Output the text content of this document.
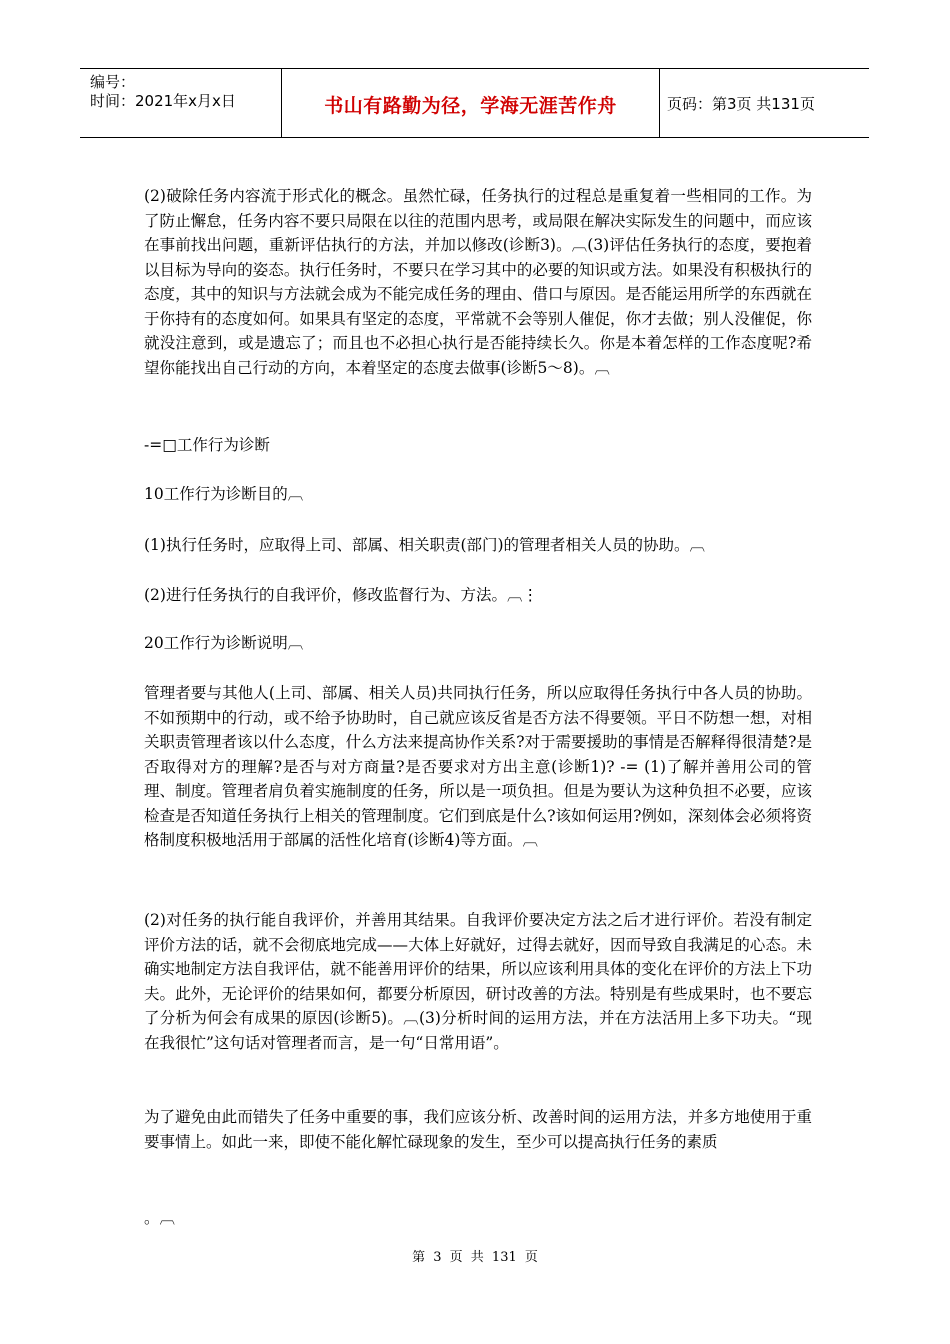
编号：
时间：2021年x月x日	书山有路勤为径，学海无涯苦作舟	页码：第3页 共131页

(2)破除任务内容流于形式化的概念。虽然忙碌，任务执行的过程总是重复着一些相同的工作。为了防止懈怠，任务内容不要只局限在以往的范围内思考，或局限在解决实际发生的问题中，而应该在事前找出问题，重新评估执行的方法，并加以修改(诊断3)。︹(3)评估任务执行的态度，要抱着以目标为导向的姿态。执行任务时，不要只在学习其中的必要的知识或方法。如果没有积极执行的态度，其中的知识与方法就会成为不能完成任务的理由、借口与原因。是否能运用所学的东西就在于你持有的态度如何。如果具有坚定的态度，平常就不会等别人催促，你才去做；别人没催促，你就没注意到，或是遗忘了；而且也不必担心执行是否能持续长久。你是本着怎样的工作态度呢?希望你能找出自己行动的方向，本着坚定的态度去做事(诊断5～8)。︹

-=□工作行为诊断

10工作行为诊断目的︹

(1)执行任务时，应取得上司、部属、相关职责(部门)的管理者相关人员的协助。︹

(2)进行任务执行的自我评价，修改监督行为、方法。︹⋮

20工作行为诊断说明︹

管理者要与其他人(上司、部属、相关人员)共同执行任务，所以应取得任务执行中各人员的协助。不如预期中的行动，或不给予协助时，自己就应该反省是否方法不得要领。平日不防想一想，对相关职责管理者该以什么态度，什么方法来提高协作关系?对于需要援助的事情是否解释得很清楚?是否取得对方的理解?是否与对方商量?是否要求对方出主意(诊断1)? -= (1)了解并善用公司的管理、制度。管理者肩负着实施制度的任务，所以是一项负担。但是为要认为这种负担不必要，应该检查是否知道任务执行上相关的管理制度。它们到底是什么?该如何运用?例如，深刻体会必须将资格制度积极地活用于部属的活性化培育(诊断4)等方面。︹

(2)对任务的执行能自我评价，并善用其结果。自我评价要决定方法之后才进行评价。若没有制定评价方法的话，就不会彻底地完成——大体上好就好，过得去就好，因而导致自我满足的心态。未确实地制定方法自我评估，就不能善用评价的结果，所以应该利用具体的变化在评价的方法上下功夫。此外，无论评价的结果如何，都要分析原因，研讨改善的方法。特别是有些成果时，也不要忘了分析为何会有成果的原因(诊断5)。︹(3)分析时间的运用方法，并在方法活用上多下功夫。“现在我很忙”这句话对管理者而言，是一句“日常用语”。

为了避免由此而错失了任务中重要的事，我们应该分析、改善时间的运用方法，并多方地使用于重要事情上。如此一来，即使不能化解忙碌现象的发生，至少可以提高执行任务的素质

。︹

第 3 页 共 131 页
